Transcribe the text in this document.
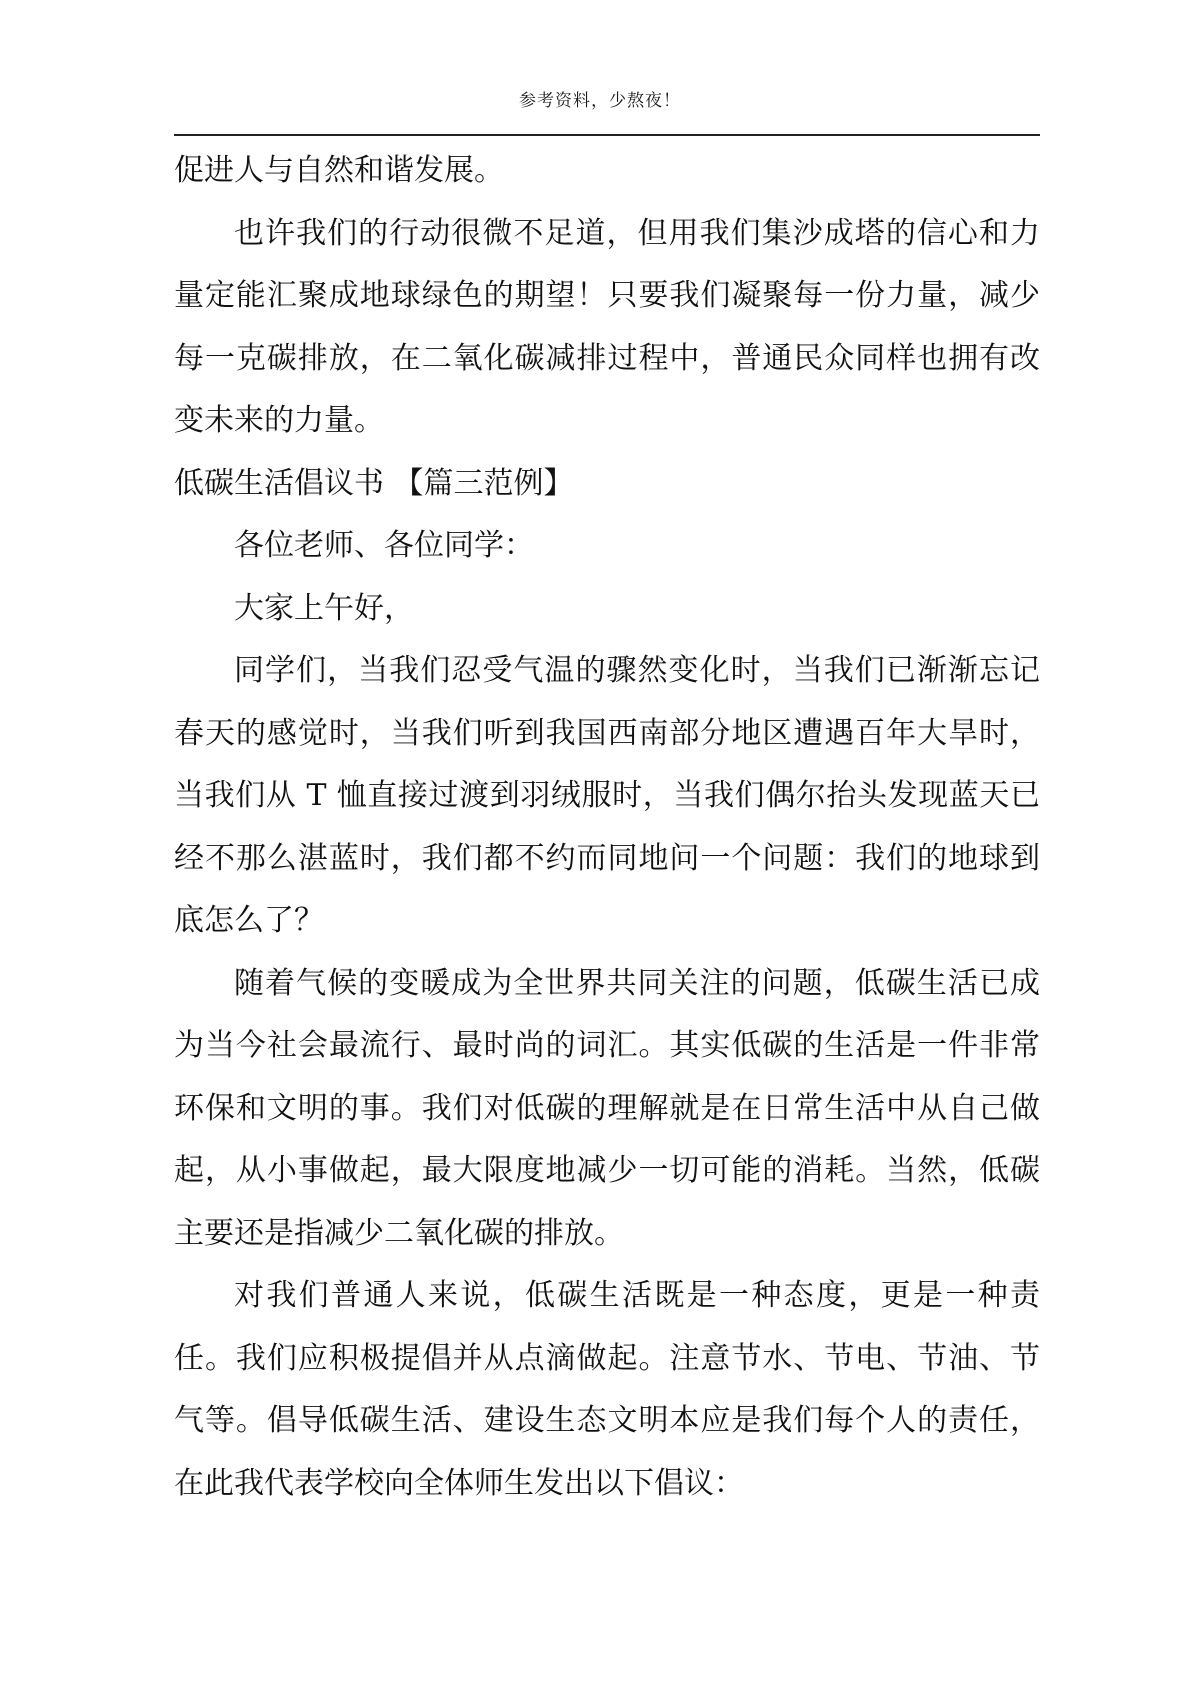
参考资料，少熬夜！

促进人与自然和谐发展。

也许我们的行动很微不足道，但用我们集沙成塔的信心和力量定能汇聚成地球绿色的期望！只要我们凝聚每一份力量，减少每一克碳排放，在二氧化碳减排过程中，普通民众同样也拥有改变未来的力量。

低碳生活倡议书 【篇三范例】

各位老师、各位同学：

大家上午好，

同学们，当我们忍受气温的骤然变化时，当我们已渐渐忘记春天的感觉时，当我们听到我国西南部分地区遭遇百年大旱时，当我们从 T 恤直接过渡到羽绒服时，当我们偶尔抬头发现蓝天已经不那么湛蓝时，我们都不约而同地问一个问题：我们的地球到底怎么了？

随着气候的变暖成为全世界共同关注的问题，低碳生活已成为当今社会最流行、最时尚的词汇。其实低碳的生活是一件非常环保和文明的事。我们对低碳的理解就是在日常生活中从自己做起，从小事做起，最大限度地减少一切可能的消耗。当然，低碳主要还是指减少二氧化碳的排放。

对我们普通人来说，低碳生活既是一种态度，更是一种责任。我们应积极提倡并从点滴做起。注意节水、节电、节油、节气等。倡导低碳生活、建设生态文明本应是我们每个人的责任，在此我代表学校向全体师生发出以下倡议：
